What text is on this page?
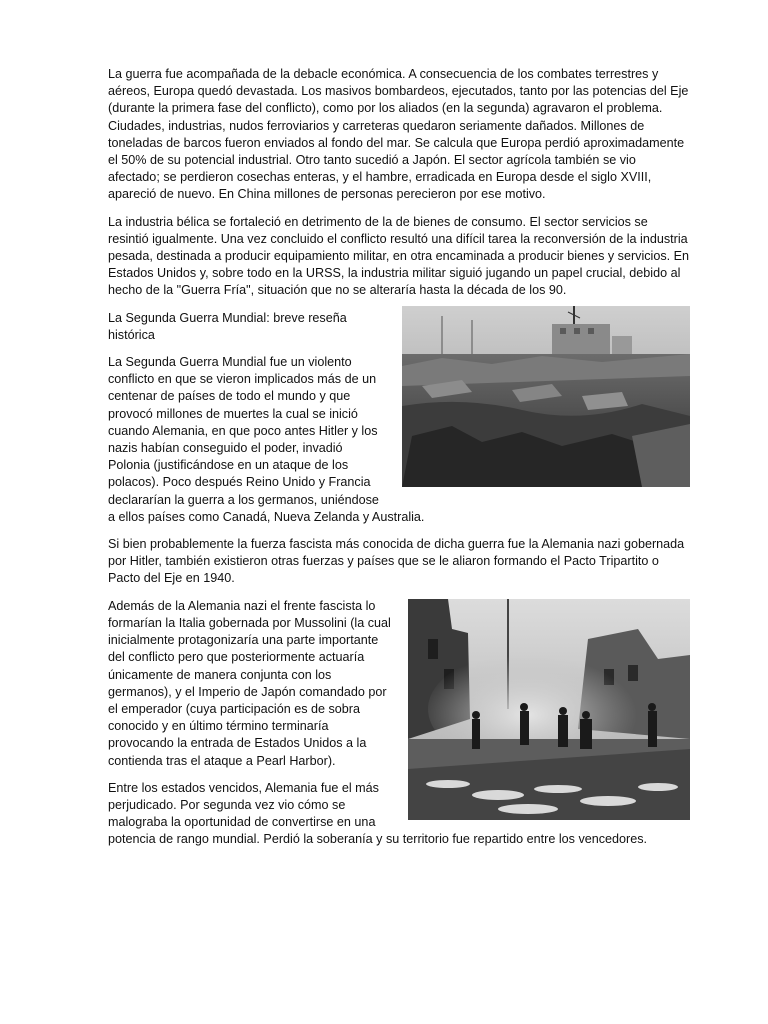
La guerra fue acompañada de la debacle económica. A consecuencia de los combates terrestres y aéreos, Europa quedó devastada. Los masivos bombardeos, ejecutados, tanto por las potencias del Eje (durante la primera fase del conflicto), como por los aliados (en la segunda) agravaron el problema. Ciudades, industrias, nudos ferroviarios y carreteras quedaron seriamente dañados. Millones de toneladas de barcos fueron enviados al fondo del mar. Se calcula que Europa perdió aproximadamente el 50% de su potencial industrial. Otro tanto sucedió a Japón. El sector agrícola también se vio afectado; se perdieron cosechas enteras, y el hambre, erradicada en Europa desde el siglo XVIII, apareció de nuevo. En China millones de personas perecieron por ese motivo.

La industria bélica se fortaleció en detrimento de la de bienes de consumo. El sector servicios se resintió igualmente. Una vez concluido el conflicto resultó una difícil tarea la reconversión de la industria pesada, destinada a producir equipamiento militar, en otra encaminada a producir bienes y servicios. En Estados Unidos y, sobre todo en la URSS, la industria militar siguió jugando un papel crucial, debido al hecho de la "Guerra Fría", situación que no se alteraría hasta la década de los 90.

La Segunda Guerra Mundial: breve reseña histórica

La Segunda Guerra Mundial fue un violento conflicto en que se vieron implicados más de un centenar de países de todo el mundo y que provocó millones de muertes la cual se inició cuando Alemania, en que poco antes Hitler y los nazis habían conseguido el poder, invadió Polonia (justificándose en un ataque de los polacos). Poco después Reino Unido y Francia declararían la guerra a los germanos, uniéndose a ellos países como Canadá, Nueva Zelanda y Australia.

Si bien probablemente la fuerza fascista más conocida de dicha guerra fue la Alemania nazi gobernada por Hitler, también existieron otras fuerzas y países que se le aliaron formando el Pacto Tripartito o Pacto del Eje en 1940.

Además de la Alemania nazi el frente fascista lo formarían la Italia gobernada por Mussolini (la cual inicialmente protagonizaría una parte importante del conflicto pero que posteriormente actuaría únicamente de manera conjunta con los germanos), y el Imperio de Japón comandado por el emperador (cuya participación es de sobra conocido y en último término terminaría provocando la entrada de Estados Unidos a la contienda tras el ataque a Pearl Harbor).

Entre los estados vencidos, Alemania fue el más perjudicado. Por segunda vez vio cómo se malograba la oportunidad de convertirse en una potencia de rango mundial. Perdió la soberanía y su territorio fue repartido entre los vencedores.
